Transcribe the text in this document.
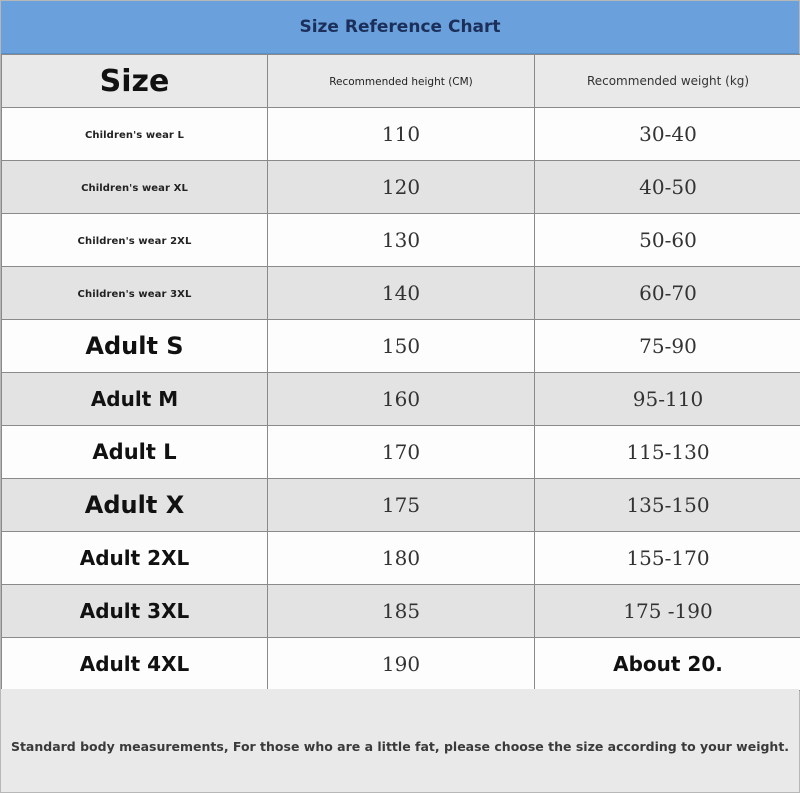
Size Reference Chart
Size	Recommended height (CM)	Recommended weight (kg)
Children's wear L	110	30-40
Children's wear XL	120	40-50
Children's wear 2XL	130	50-60
Children's wear 3XL	140	60-70
Adult S	150	75-90
Adult M	160	95-110
Adult L	170	115-130
Adult X	175	135-150
Adult 2XL	180	155-170
Adult 3XL	185	175 -190
Adult 4XL	190	About 20.
Standard body measurements, For those who are a little fat, please choose the size according to your weight.
